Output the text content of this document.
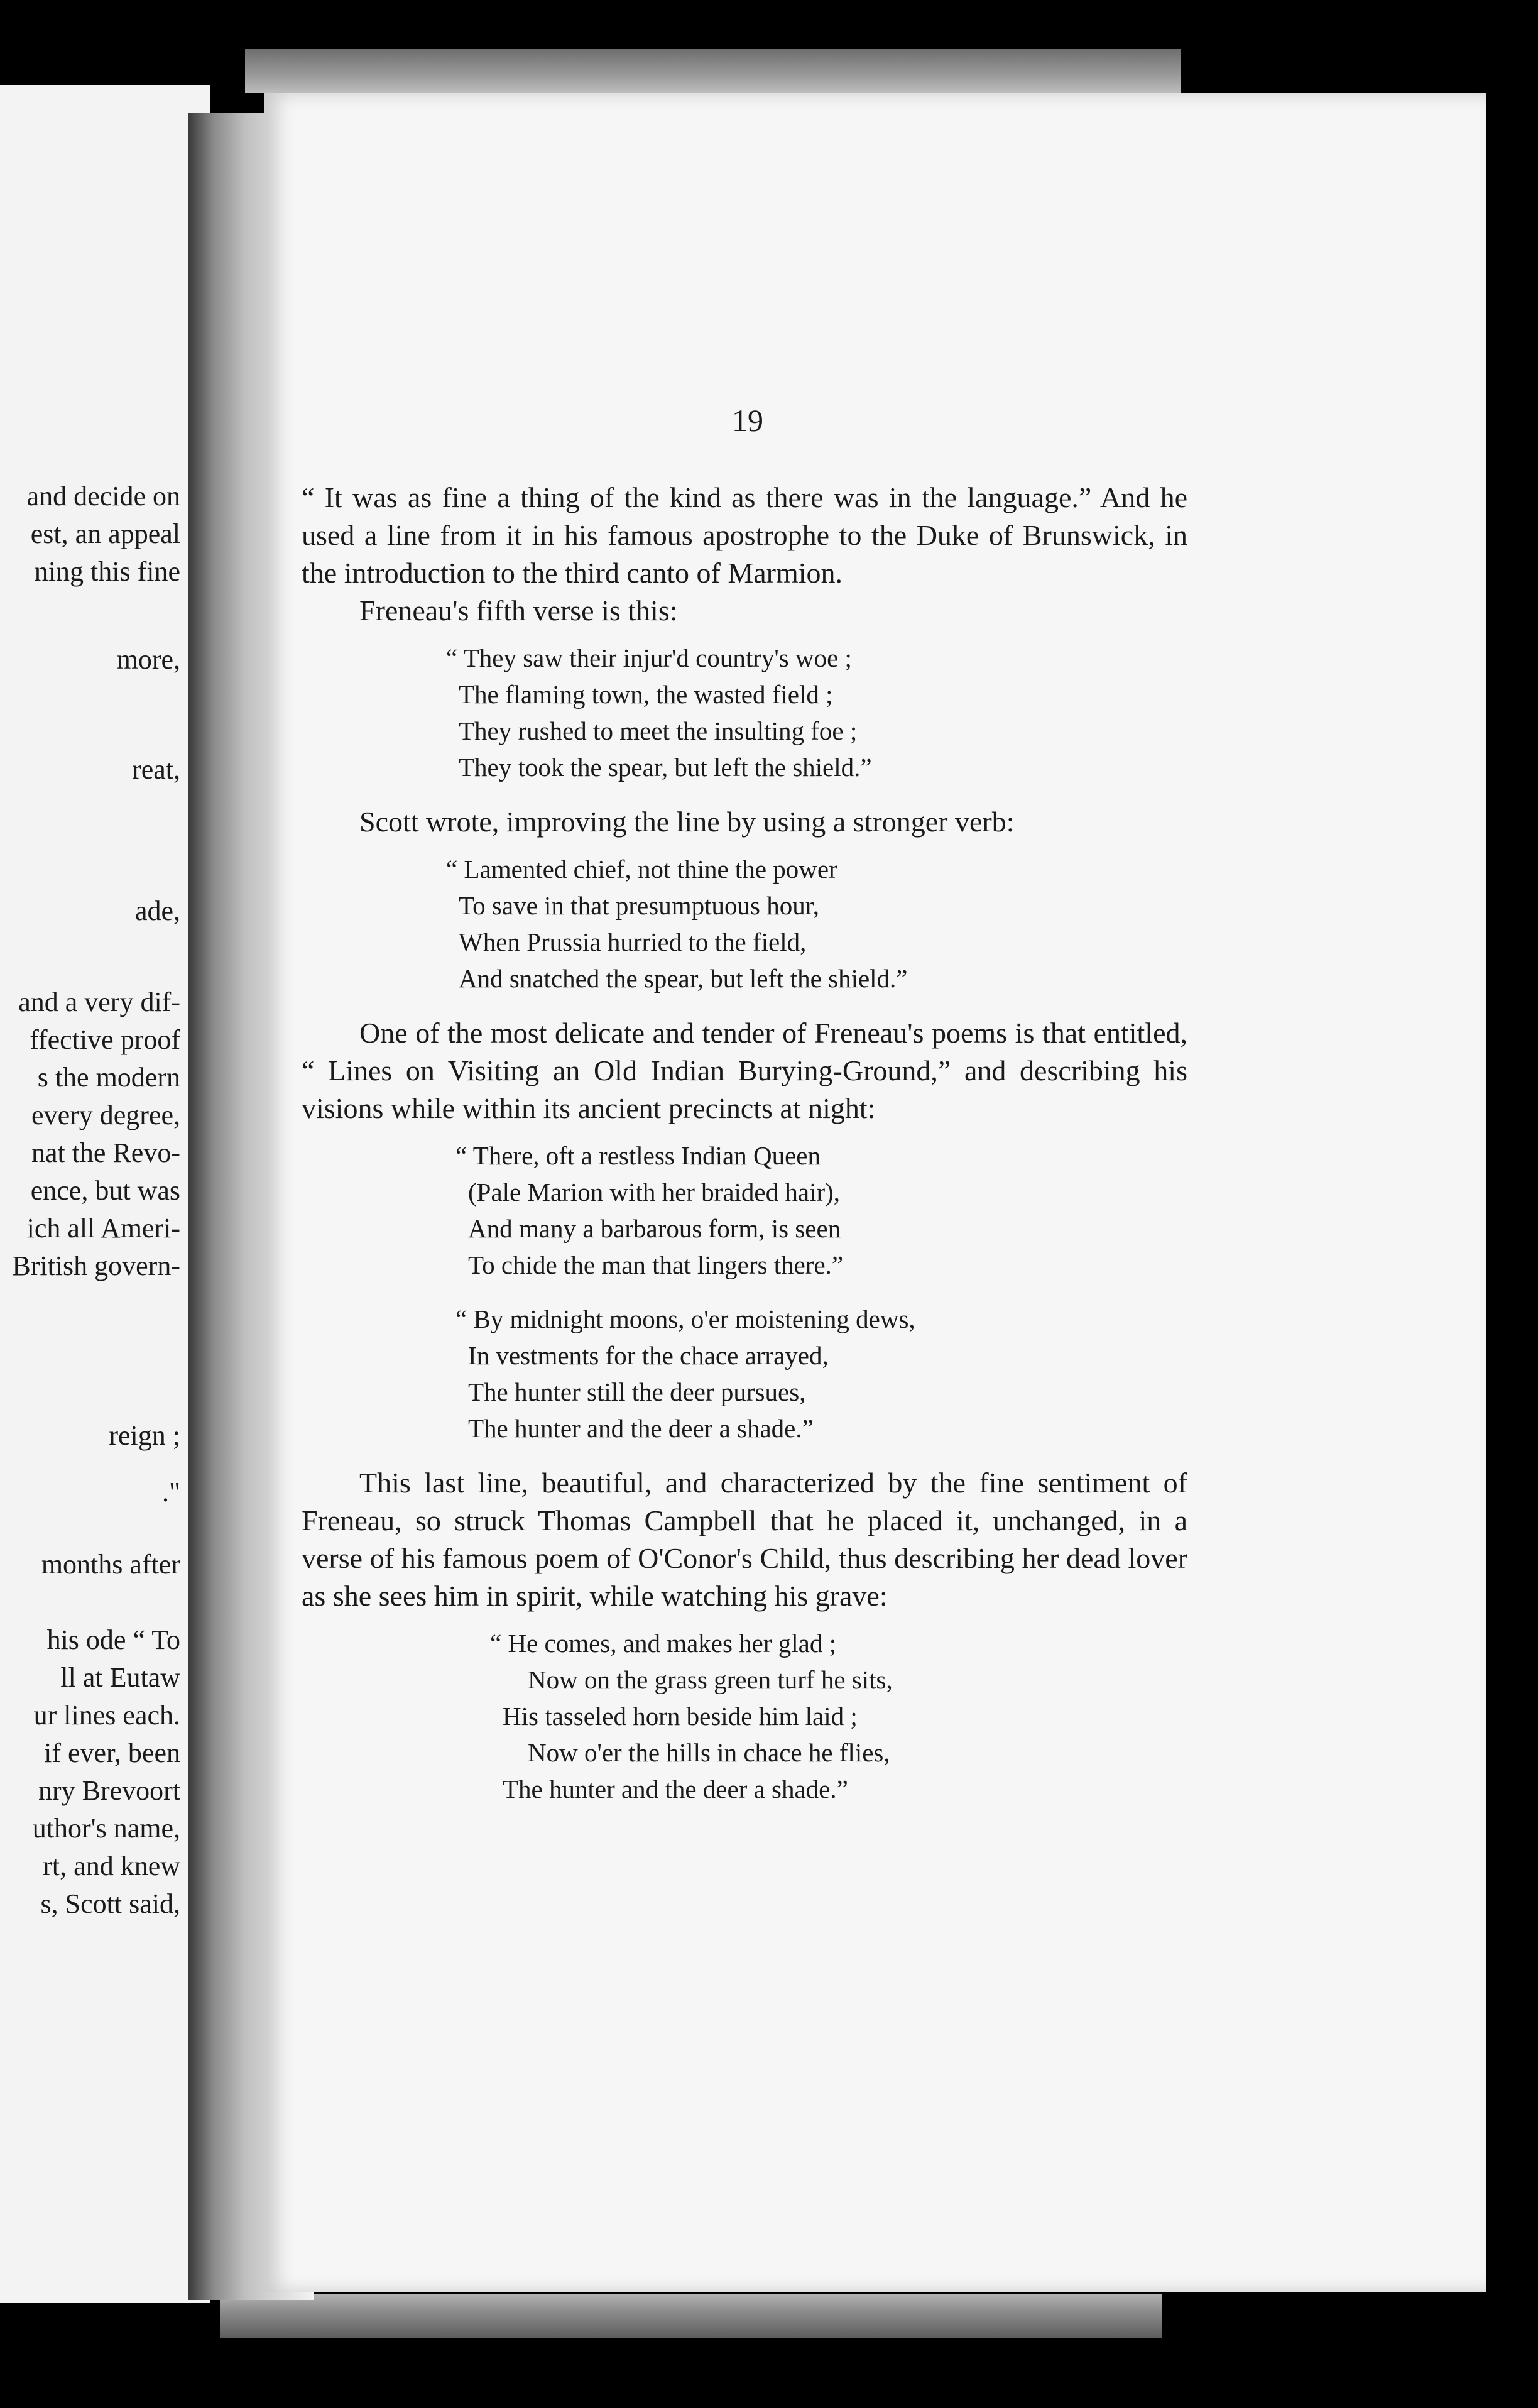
and decide on
est, an appeal
ning this fine
more,
reat,
ade,
and a very dif-
ffective proof
s the modern
every degree,
nat the Revo-
ence, but was
ich all Ameri-
British govern-
reign ;
."
months after
his ode “ To
ll at Eutaw
ur lines each.
if ever, been
nry Brevoort
uthor's name,
rt, and knew
s, Scott said,
19

“ It was as fine a thing of the kind as there was in the language.” And he used a line from it in his famous apostrophe to the Duke of Brunswick, in the introduction to the third canto of Marmion.

Freneau's fifth verse is this:

“ They saw their injur'd country's woe ;
The flaming town, the wasted field ;
They rushed to meet the insulting foe ;
They took the spear, but left the shield.”

Scott wrote, improving the line by using a stronger verb:

“ Lamented chief, not thine the power
To save in that presumptuous hour,
When Prussia hurried to the field,
And snatched the spear, but left the shield.”

One of the most delicate and tender of Freneau's poems is that entitled, “ Lines on Visiting an Old Indian Burying-Ground,” and describing his visions while within its ancient precincts at night:

“ There, oft a restless Indian Queen
(Pale Marion with her braided hair),
And many a barbarous form, is seen
To chide the man that lingers there.”
“ By midnight moons, o'er moistening dews,
In vestments for the chace arrayed,
The hunter still the deer pursues,
The hunter and the deer a shade.”

This last line, beautiful, and characterized by the fine sentiment of Freneau, so struck Thomas Campbell that he placed it, unchanged, in a verse of his famous poem of O'Conor's Child, thus describing her dead lover as she sees him in spirit, while watching his grave:

“ He comes, and makes her glad ;
Now on the grass green turf he sits,
His tasseled horn beside him laid ;
Now o'er the hills in chace he flies,
The hunter and the deer a shade.”
